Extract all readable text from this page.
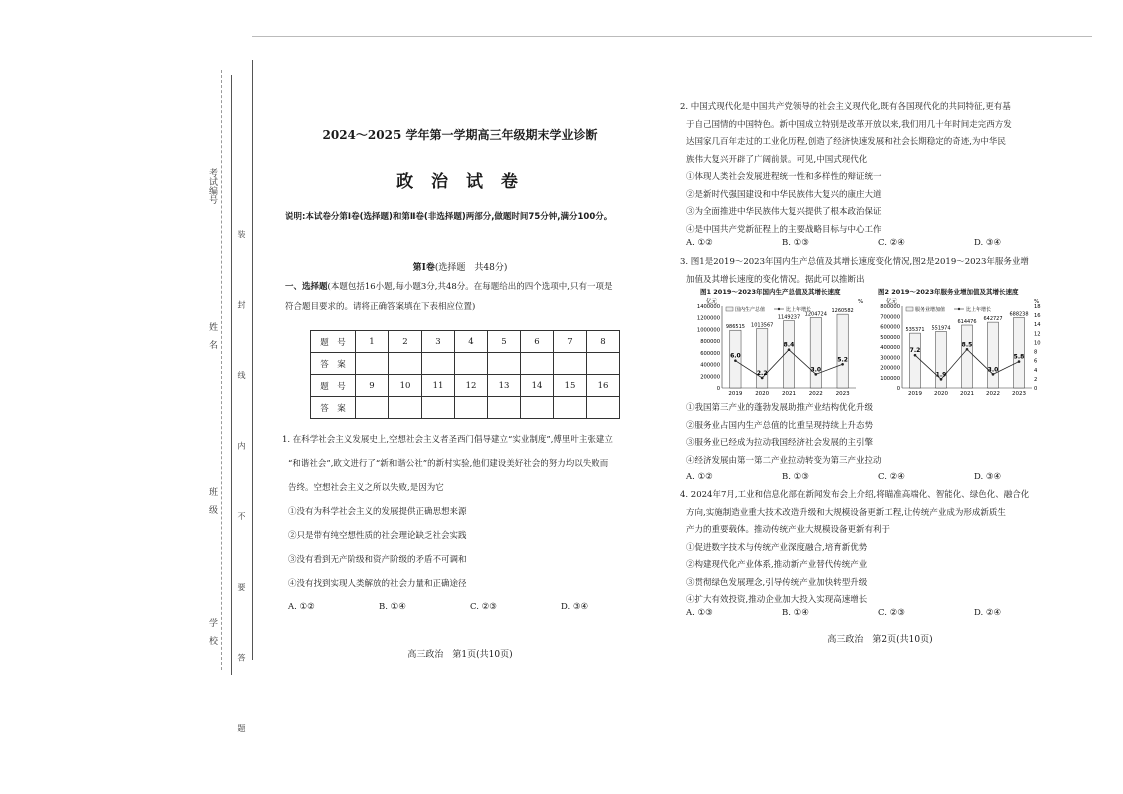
考试编号
姓　名
班　级
学　校	装 封 线 内 不 要 答 题
2024～2025 学年第一学期高三年级期末学业诊断
政 治 试 卷
说明:本试卷分第Ⅰ卷(选择题)和第Ⅱ卷(非选择题)两部分,做题时间75分钟,满分100分。
第Ⅰ卷(选择题　共48分)
一、选择题(本题包括16小题,每小题3分,共48分。在每题给出的四个选项中,只有一项是
符合题目要求的。请将正确答案填在下表相应位置)
题　号	1	2	3	4	5	6	7	8
答　案								
题　号	9	10	11	12	13	14	15	16
答　案								

1. 在科学社会主义发展史上,空想社会主义者圣西门倡导建立“实业制度”,傅里叶主张建立

“和谐社会”,欧文进行了“新和谐公社”的新村实验,他们建设美好社会的努力均以失败而

告终。空想社会主义之所以失败,是因为它

①没有为科学社会主义的发展提供正确思想来源

②只是带有纯空想性质的社会理论缺乏社会实践

③没有看到无产阶级和资产阶级的矛盾不可调和

④没有找到实现人类解放的社会力量和正确途径

A. ①②	B. ①④	C. ②③	D. ③④
高三政治　第1页(共10页)

2. 中国式现代化是中国共产党领导的社会主义现代化,既有各国现代化的共同特征,更有基

于自己国情的中国特色。新中国成立特别是改革开放以来,我们用几十年时间走完西方发

达国家几百年走过的工业化历程,创造了经济快速发展和社会长期稳定的奇迹,为中华民

族伟大复兴开辟了广阔前景。可见,中国式现代化

①体现人类社会发展进程统一性和多样性的辩证统一

②是新时代强国建设和中华民族伟大复兴的康庄大道

③为全面推进中华民族伟大复兴提供了根本政治保证

④是中国共产党新征程上的主要战略目标与中心工作

A. ①②	B. ①③	C. ②④	D. ③④

3. 图1是2019～2023年国内生产总值及其增长速度变化情况,图2是2019～2023年服务业增

加值及其增长速度的变化情况。据此可以推断出

图1 2019～2023年国内生产总值及其增长速度
亿元	%
1400000
1200000
1000000
800000
600000
400000
200000
0
国内生产总值	比上年增长
986515
2019
1013567
2020
1149237
2021
1204724
2022
1260582
2023
6.0
2.2
8.4
3.0
5.2
图2 2019～2023年服务业增加值及其增长速度
亿元	%
800000
700000
600000
500000
400000
300000
200000
100000
0
18
16
14
12
10
8
6
4
2
0
服务业增加值	比上年增长
535371
2019
551974
2020
614476
2021
642727
2022
688238
2023
7.2
1.9
8.5
3.0
5.8

①我国第三产业的蓬勃发展助推产业结构优化升级

②服务业占国内生产总值的比重呈现持续上升态势

③服务业已经成为拉动我国经济社会发展的主引擎

④经济发展由第一第二产业拉动转变为第三产业拉动

A. ①②	B. ①③	C. ②④	D. ③④

4. 2024年7月,工业和信息化部在新闻发布会上介绍,将瞄准高端化、智能化、绿色化、融合化

方向,实施制造业重大技术改造升级和大规模设备更新工程,让传统产业成为形成新质生

产力的重要载体。推动传统产业大规模设备更新有利于

①促进数字技术与传统产业深度融合,培育新优势

②构建现代化产业体系,推动新产业替代传统产业

③贯彻绿色发展理念,引导传统产业加快转型升级

④扩大有效投资,推动企业加大投入实现高速增长

A. ①③	B. ①④	C. ②③	D. ②④
高三政治　第2页(共10页)
